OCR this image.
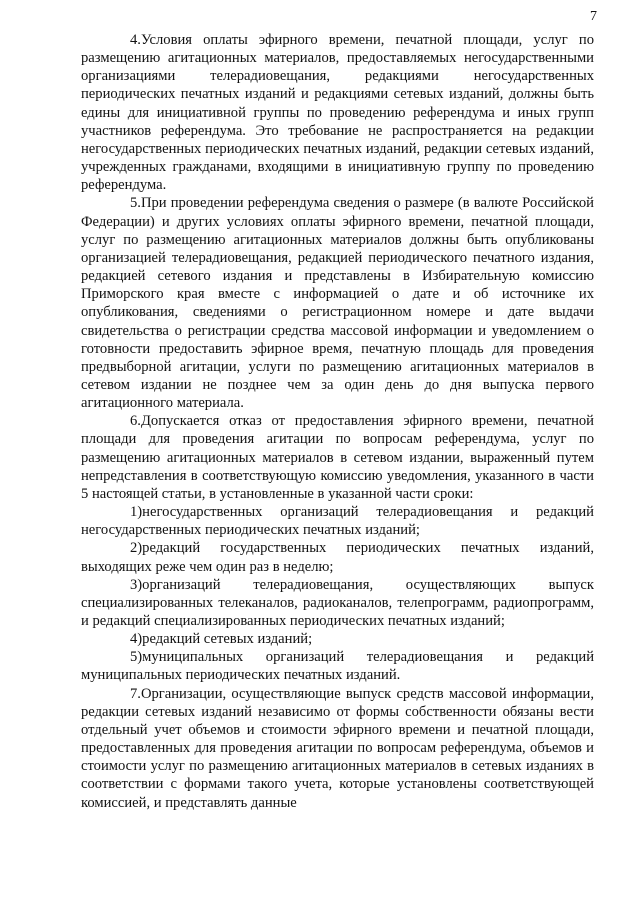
7

4.Условия оплаты эфирного времени, печатной площади, услуг по размещению агитационных материалов, предоставляемых негосударственными организациями телерадиовещания, редакциями негосударственных периодических печатных изданий и редакциями сетевых изданий, должны быть едины для инициативной группы по проведению референдума и иных групп участников референдума. Это требование не распространяется на редакции негосударственных периодических печатных изданий, редакции сетевых изданий, учрежденных гражданами, входящими в инициативную группу по проведению референдума.

5.При проведении референдума сведения о размере (в валюте Российской Федерации) и других условиях оплаты эфирного времени, печатной площади, услуг по размещению агитационных материалов должны быть опубликованы организацией телерадиовещания, редакцией периодического печатного издания, редакцией сетевого издания и представлены в Избирательную комиссию Приморского края вместе с информацией о дате и об источнике их опубликования, сведениями о регистрационном номере и дате выдачи свидетельства о регистрации средства массовой информации и уведомлением о готовности предоставить эфирное время, печатную площадь для проведения предвыборной агитации, услуги по размещению агитационных материалов в сетевом издании не позднее чем за один день до дня выпуска первого агитационного материала.

6.Допускается отказ от предоставления эфирного времени, печатной площади для проведения агитации по вопросам референдума, услуг по размещению агитационных материалов в сетевом издании, выраженный путем непредставления в соответствующую комиссию уведомления, указанного в части 5 настоящей статьи, в установленные в указанной части сроки:

1)негосударственных организаций телерадиовещания и редакций негосударственных периодических печатных изданий;

2)редакций государственных периодических печатных изданий, выходящих реже чем один раз в неделю;

3)организаций телерадиовещания, осуществляющих выпуск специализированных телеканалов, радиоканалов, телепрограмм, радиопрограмм, и редакций специализированных периодических печатных изданий;

4)редакций сетевых изданий;

5)муниципальных организаций телерадиовещания и редакций муниципальных периодических печатных изданий.

7.Организации, осуществляющие выпуск средств массовой информации, редакции сетевых изданий независимо от формы собственности обязаны вести отдельный учет объемов и стоимости эфирного времени и печатной площади, предоставленных для проведения агитации по вопросам референдума, объемов и стоимости услуг по размещению агитационных материалов в сетевых изданиях в соответствии с формами такого учета, которые установлены соответствующей комиссией, и представлять данные
